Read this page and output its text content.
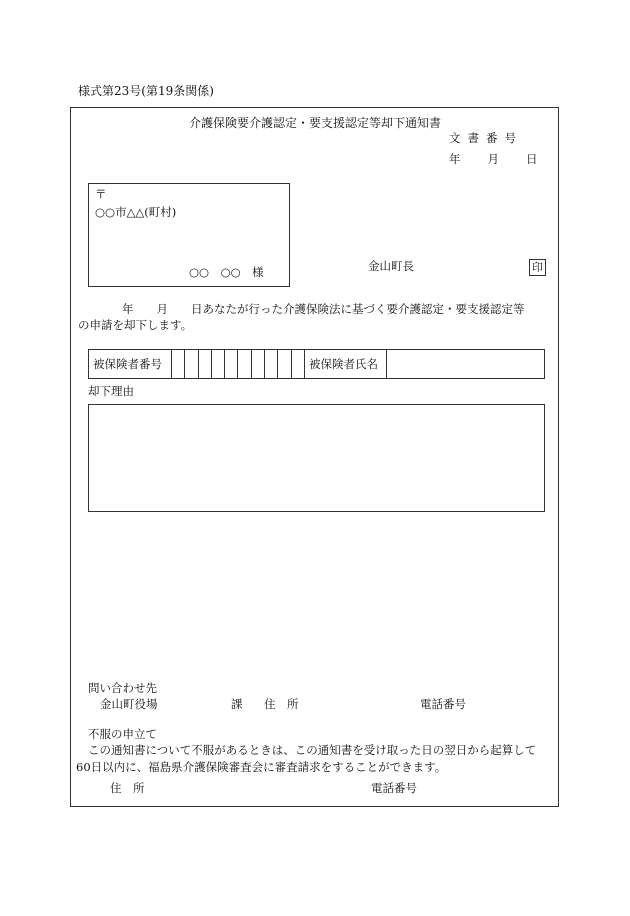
様式第23号(第19条関係)
介護保険要介護認定・要支援認定等却下通知書
文書番号
年 月 日
〒
○○市△△(町村)
○○　○○　様	金山町長	印
年　　月　　日あなたが行った介護保険法に基づく要介護認定・要支援認定等
の申請を却下します。
被保険者番号	被保険者氏名
却下理由
問い合わせ先
金山町役場	課 住　所	電話番号
不服の申立て
この通知書について不服があるときは、この通知書を受け取った日の翌日から起算して
60日以内に、福島県介護保険審査会に審査請求をすることができます。
住　所	電話番号
